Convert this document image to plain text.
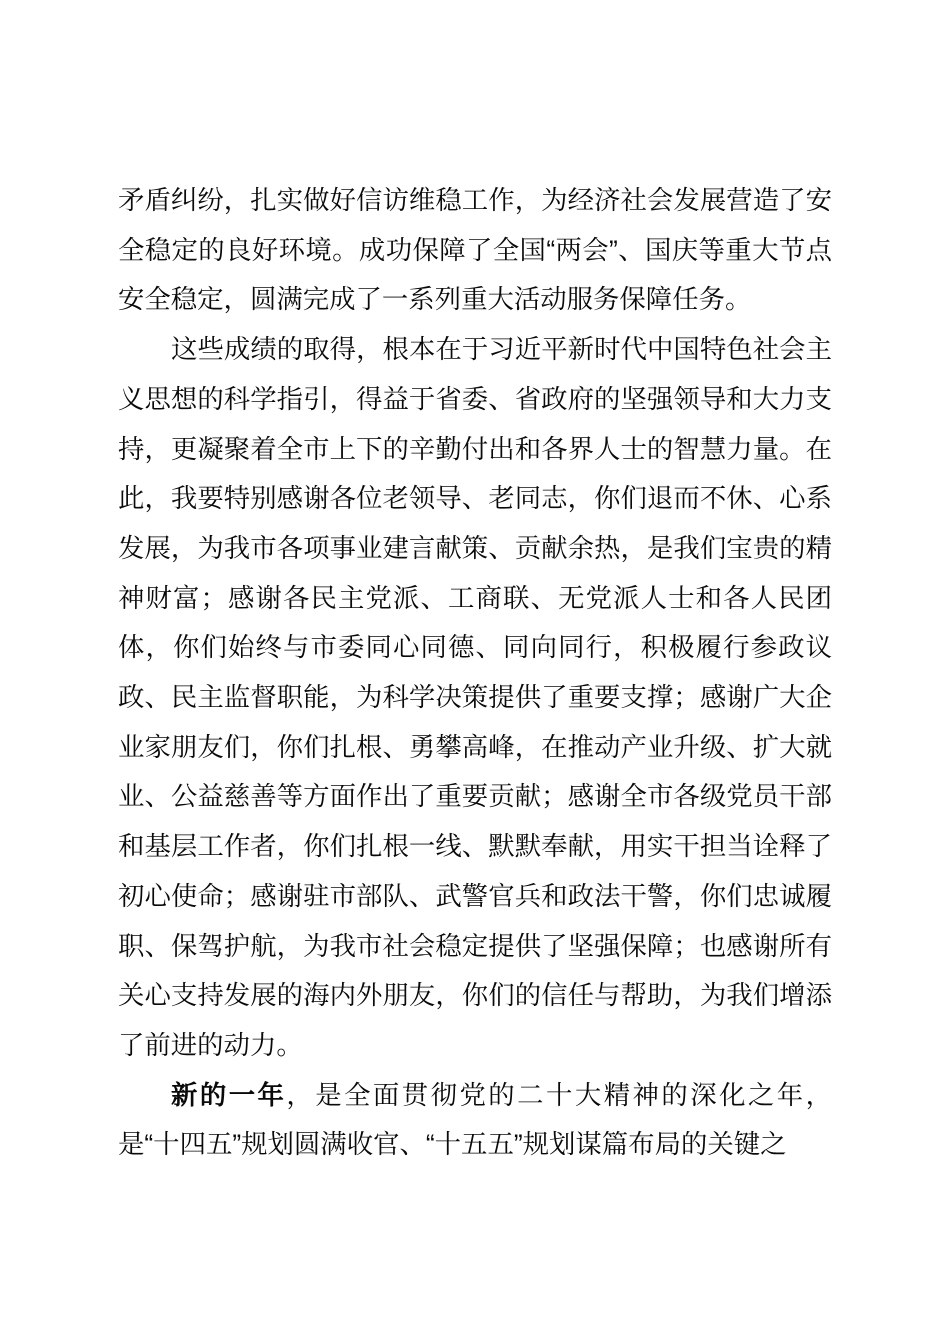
矛盾纠纷，扎实做好信访维稳工作，为经济社会发展营造了安全稳定的良好环境。成功保障了全国“两会”、国庆等重大节点安全稳定，圆满完成了一系列重大活动服务保障任务。

这些成绩的取得，根本在于习近平新时代中国特色社会主义思想的科学指引，得益于省委、省政府的坚强领导和大力支持，更凝聚着全市上下的辛勤付出和各界人士的智慧力量。在此，我要特别感谢各位老领导、老同志，你们退而不休、心系发展，为我市各项事业建言献策、贡献余热，是我们宝贵的精神财富；感谢各民主党派、工商联、无党派人士和各人民团体，你们始终与市委同心同德、同向同行，积极履行参政议政、民主监督职能，为科学决策提供了重要支撑；感谢广大企业家朋友们，你们扎根、勇攀高峰，在推动产业升级、扩大就业、公益慈善等方面作出了重要贡献；感谢全市各级党员干部和基层工作者，你们扎根一线、默默奉献，用实干担当诠释了初心使命；感谢驻市部队、武警官兵和政法干警，你们忠诚履职、保驾护航，为我市社会稳定提供了坚强保障；也感谢所有关心支持发展的海内外朋友，你们的信任与帮助，为我们增添了前进的动力。

新的一年，是全面贯彻党的二十大精神的深化之年，是“十四五”规划圆满收官、“十五五”规划谋篇布局的关键之
